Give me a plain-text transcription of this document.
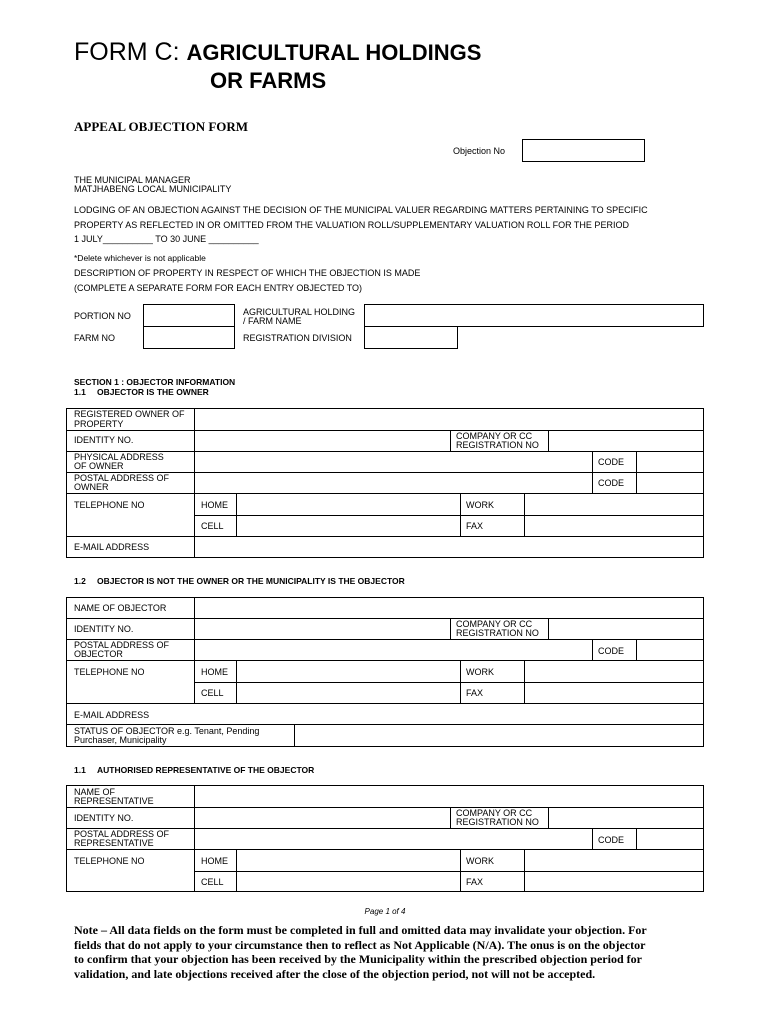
FORM C: AGRICULTURAL HOLDINGS
OR FARMS
APPEAL OBJECTION FORM
Objection No
THE MUNICIPAL MANAGER
MATJHABENG LOCAL MUNICIPALITY
LODGING OF AN OBJECTION AGAINST THE DECISION OF THE MUNICIPAL VALUER REGARDING MATTERS PERTAINING TO SPECIFIC
PROPERTY AS REFLECTED IN OR OMITTED FROM THE VALUATION ROLL/SUPPLEMENTARY VALUATION ROLL FOR THE PERIOD
1 JULY__________ TO 30 JUNE __________
*Delete whichever is not applicable
DESCRIPTION OF PROPERTY IN RESPECT OF WHICH THE OBJECTION IS MADE
(COMPLETE A SEPARATE FORM FOR EACH ENTRY OBJECTED TO)
PORTION NO	AGRICULTURAL HOLDING
/ FARM NAME
FARM NO	REGISTRATION DIVISION
SECTION 1 : OBJECTOR INFORMATION
1.1 OBJECTOR IS THE OWNER
REGISTERED OWNER OF
PROPERTY
IDENTITY NO.	COMPANY OR CC
REGISTRATION NO
PHYSICAL ADDRESS
OF OWNER	CODE
POSTAL ADDRESS OF
OWNER	CODE
TELEPHONE NO	HOME	WORK
CELL	FAX
E-MAIL ADDRESS
1.2 OBJECTOR IS NOT THE OWNER OR THE MUNICIPALITY IS THE OBJECTOR
NAME OF OBJECTOR
IDENTITY NO.	COMPANY OR CC
REGISTRATION NO
POSTAL ADDRESS OF
OBJECTOR	CODE
TELEPHONE NO	HOME	WORK
CELL	FAX
E-MAIL ADDRESS
STATUS OF OBJECTOR e.g. Tenant, Pending
Purchaser, Municipality
1.1 AUTHORISED REPRESENTATIVE OF THE OBJECTOR
NAME OF
REPRESENTATIVE
IDENTITY NO.	COMPANY OR CC
REGISTRATION NO
POSTAL ADDRESS OF
REPRESENTATIVE	CODE
TELEPHONE NO	HOME	WORK
CELL	FAX
Page 1 of 4
Note – All data fields on the form must be completed in full and omitted data may invalidate your objection. For
fields that do not apply to your circumstance then to reflect as Not Applicable (N/A). The onus is on the objector
to confirm that your objection has been received by the Municipality within the prescribed objection period for
validation, and late objections received after the close of the objection period, not will not be accepted.
